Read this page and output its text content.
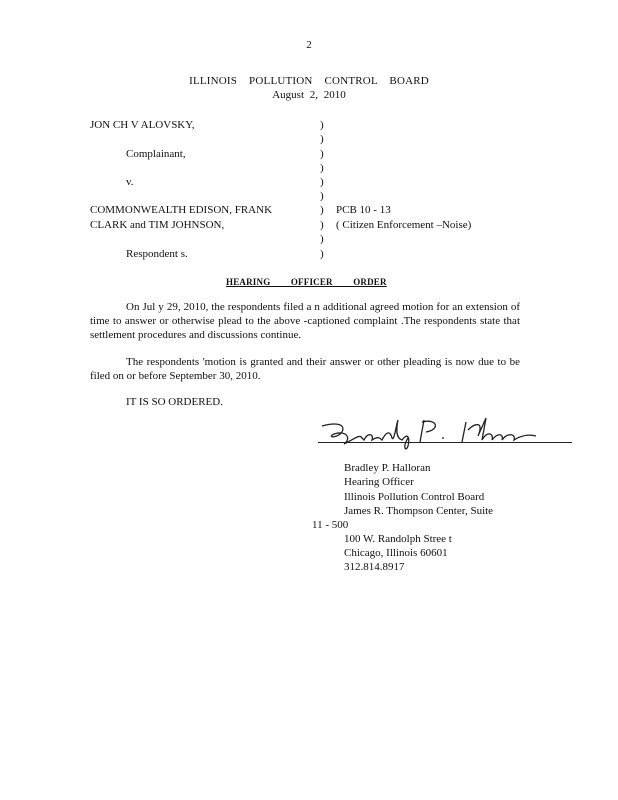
2
ILLINOIS POLLUTION CONTROL BOARD
August 2, 2010
JON CH V ALOVSKY,
Complainant,
v.
COMMONWEALTH EDISON, FRANK
CLARK and TIM JOHNSON,
Respondent s.
)
)
)
)
)
)
)
)
)
)
PCB 10 - 13
( Citizen Enforcement –Noise)
HEARING OFFICER ORDER

On Jul y 29, 2010, the respondents filed a n additional agreed motion for an extension of time to answer or otherwise plead to the above -captioned complaint .The respondents state that settlement procedures and discussions continue.

The respondents 'motion is granted and their answer or other pleading is now due to be filed on or before September 30, 2010.

IT IS SO ORDERED.
Bradley P. Halloran
Hearing Officer
Illinois Pollution Control Board
James R. Thompson Center, Suite
11 - 500
100 W. Randolph Stree t
Chicago, Illinois 60601
312.814.8917
